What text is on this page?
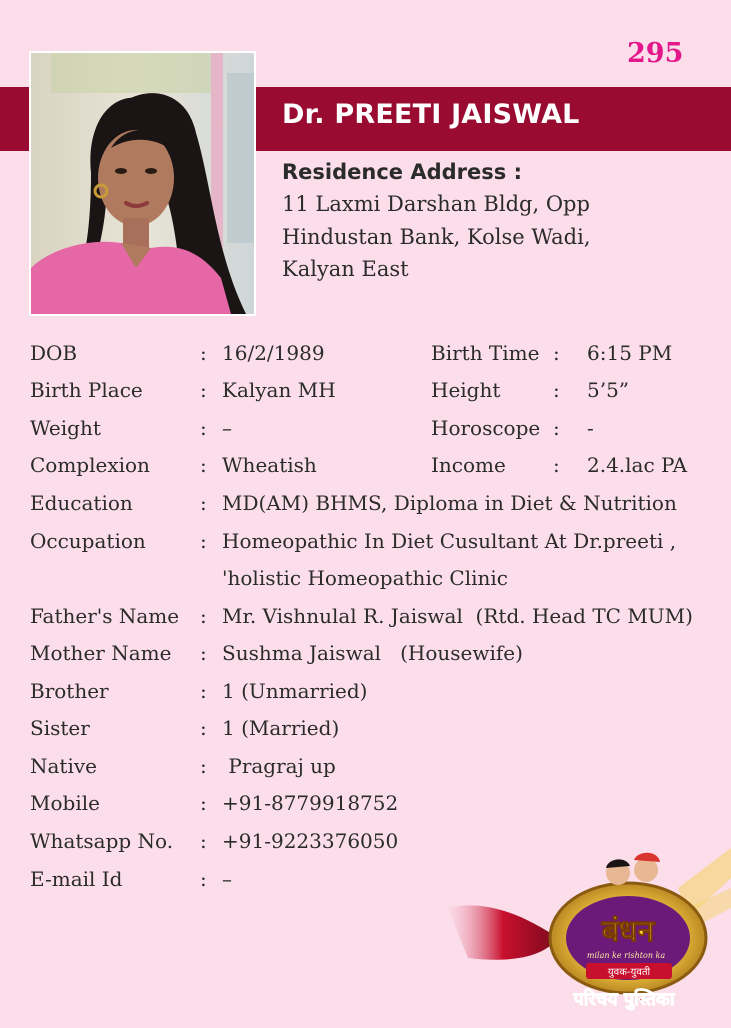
295
Dr. PREETI JAISWAL
Residence Address :
11 Laxmi Darshan Bldg, Opp
Hindustan Bank, Kolse Wadi,
Kalyan East
DOB	: 16/2/1989	Birth Time : 6:15 PM
Birth Place	: Kalyan MH	Height	: 5’5”
Weight	: –	Horoscope : -
Complexion	: Wheatish	Income : 2.4.lac PA
Education	: MD(AM) BHMS, Diploma in Diet & Nutrition
Occupation	: Homeopathic In Diet Cusultant At Dr.preeti ,
'holistic Homeopathic Clinic
Father's Name : Mr. Vishnulal R. Jaiswal  (Rtd. Head TC MUM)
Mother Name : Sushma Jaiswal   (Housewife)
Brother	: 1 (Unmarried)
Sister	: 1 (Married)
Native	: Pragraj up
Mobile	: +91-8779918752
Whatsapp No. : +91-9223376050
E-mail Id	: –
बंधन
milan ke rishton ka
युवक-युवती
परिचय पुस्तिका
